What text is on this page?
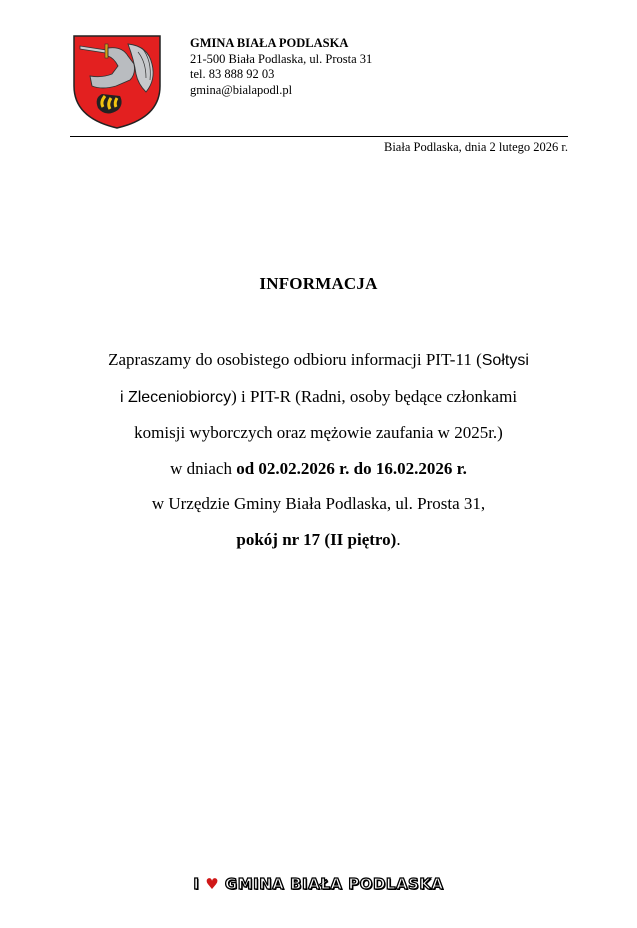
GMINA BIAŁA PODLASKA
21-500 Biała Podlaska, ul. Prosta 31
tel. 83 888 92 03
gmina@bialapodl.pl
Biała Podlaska, dnia 2 lutego 2026 r.
INFORMACJA
Zapraszamy do osobistego odbioru informacji PIT-11 (Sołtysi
i Zleceniobiorcy) i PIT-R (Radni, osoby będące członkami
komisji wyborczych oraz mężowie zaufania w 2025r.)
w dniach od 02.02.2026 r. do 16.02.2026 r.
w Urzędzie Gminy Biała Podlaska, ul. Prosta 31,
pokój nr 17 (II piętro).
I ♥ GMINA BIAŁA PODLASKA
